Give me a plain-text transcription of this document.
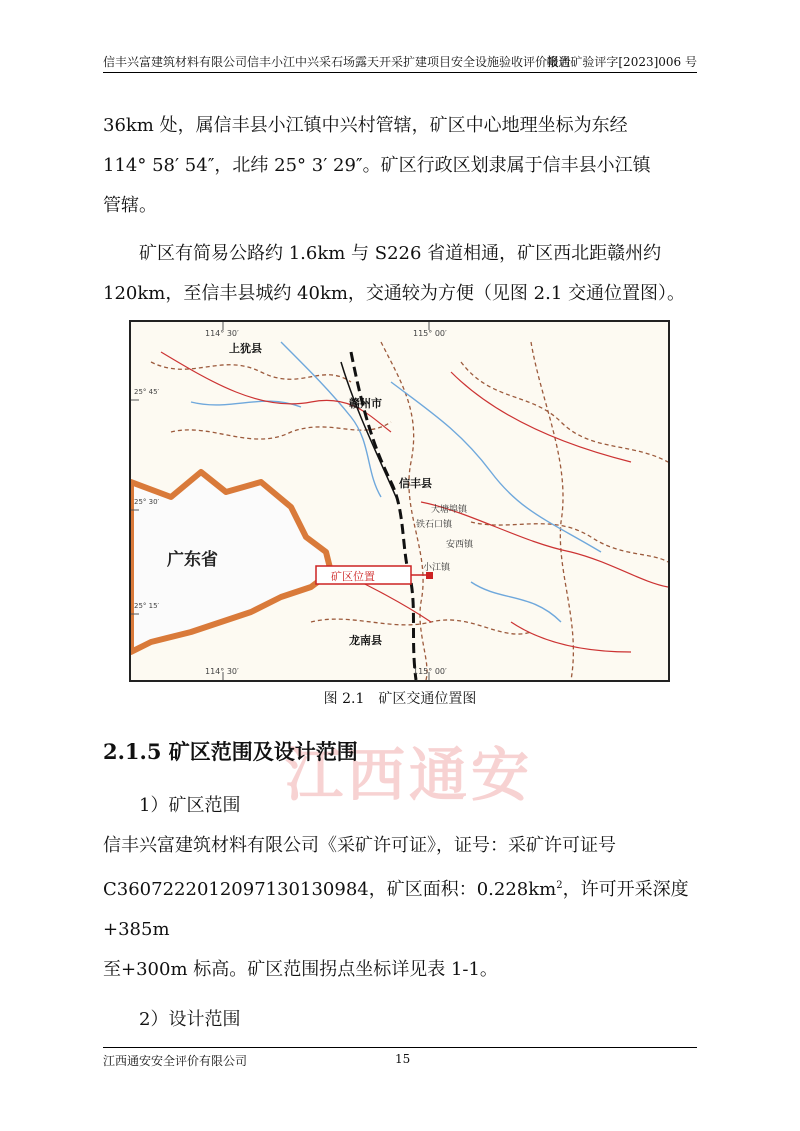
信丰兴富建筑材料有限公司信丰小江中兴采石场露天开采扩建项目安全设施验收评价报告
赣通矿验评字[2023]006 号
36km 处，属信丰县小江镇中兴村管辖，矿区中心地理坐标为东经
114° 58′ 54″，北纬 25° 3′ 29″。矿区行政区划隶属于信丰县小江镇
管辖。
矿区有简易公路约 1.6km 与 S226 省道相通，矿区西北距赣州约
120km，至信丰县城约 40km，交通较为方便（见图 2.1 交通位置图）。
广东省
矿区位置
上犹县
赣州市
信丰县
龙南县
小江镇
安西镇
铁石口镇
大塘埠镇
114° 30′	115° 00′
114° 30′	115° 00′
25° 45′
25° 30′
25° 15′
图 2.1　矿区交通位置图
江西通安
2.1.5 矿区范围及设计范围
1）矿区范围
信丰兴富建筑材料有限公司《采矿许可证》，证号：采矿许可证号
C3607222012097130130984，矿区面积：$0.228km^2$，许可开采深度+385m
至+300m 标高。矿区范围拐点坐标详见表 1-1。
2）设计范围
江西通安安全评价有限公司	15
